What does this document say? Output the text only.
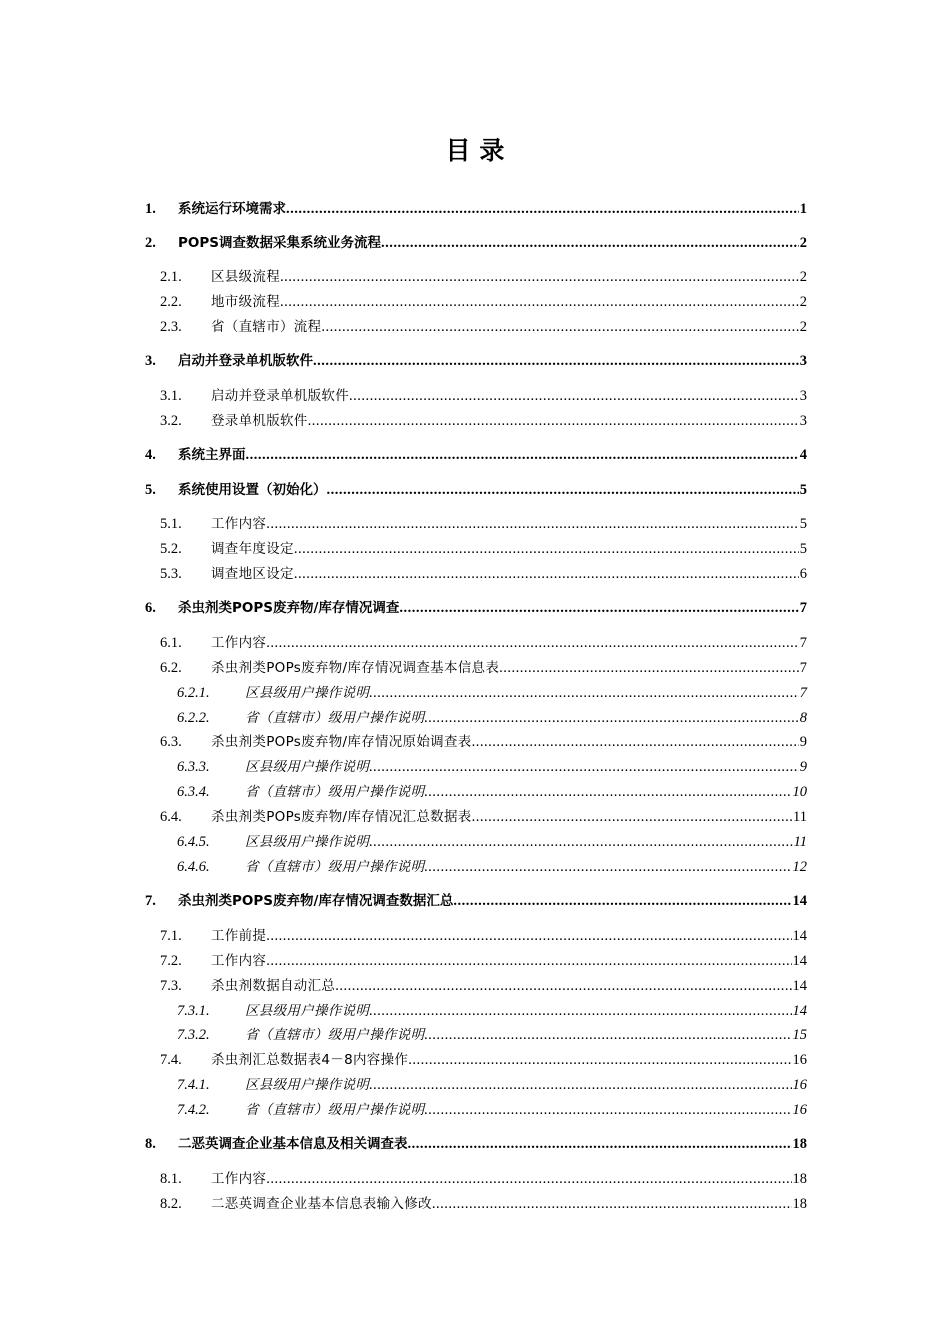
目 录
1.	系统运行环境需求 .....	1
2.	POPS调查数据采集系统业务流程 .....	2
2.1.	区县级流程 .....	2
2.2.	地市级流程 .....	2
2.3.	省（直辖市）流程 .....	2
3.	启动并登录单机版软件 .....	3
3.1.	启动并登录单机版软件 .....	3
3.2.	登录单机版软件 .....	3
4.	系统主界面 .....	4
5.	系统使用设置（初始化） .....	5
5.1.	工作内容 .....	5
5.2.	调查年度设定 .....	5
5.3.	调查地区设定 .....	6
6.	杀虫剂类POPS废弃物/库存情况调查 .....	7
6.1.	工作内容 .....	7
6.2.	杀虫剂类POPs废弃物/库存情况调查基本信息表 .....	7
6.2.1.	区县级用户操作说明 .....	7
6.2.2.	省（直辖市）级用户操作说明 .....	8
6.3.	杀虫剂类POPs废弃物/库存情况原始调查表 .....	9
6.3.3.	区县级用户操作说明 .....	9
6.3.4.	省（直辖市）级用户操作说明 .....	10
6.4.	杀虫剂类POPs废弃物/库存情况汇总数据表 .....	11
6.4.5.	区县级用户操作说明 .....	11
6.4.6.	省（直辖市）级用户操作说明 .....	12
7.	杀虫剂类POPS废弃物/库存情况调查数据汇总 .....	14
7.1.	工作前提 .....	14
7.2.	工作内容 .....	14
7.3.	杀虫剂数据自动汇总 .....	14
7.3.1.	区县级用户操作说明 .....	14
7.3.2.	省（直辖市）级用户操作说明 .....	15
7.4.	杀虫剂汇总数据表4－8内容操作 .....	16
7.4.1.	区县级用户操作说明 .....	16
7.4.2.	省（直辖市）级用户操作说明 .....	16
8.	二恶英调查企业基本信息及相关调查表 .....	18
8.1.	工作内容 .....	18
8.2.	二恶英调查企业基本信息表输入修改 .....	18
